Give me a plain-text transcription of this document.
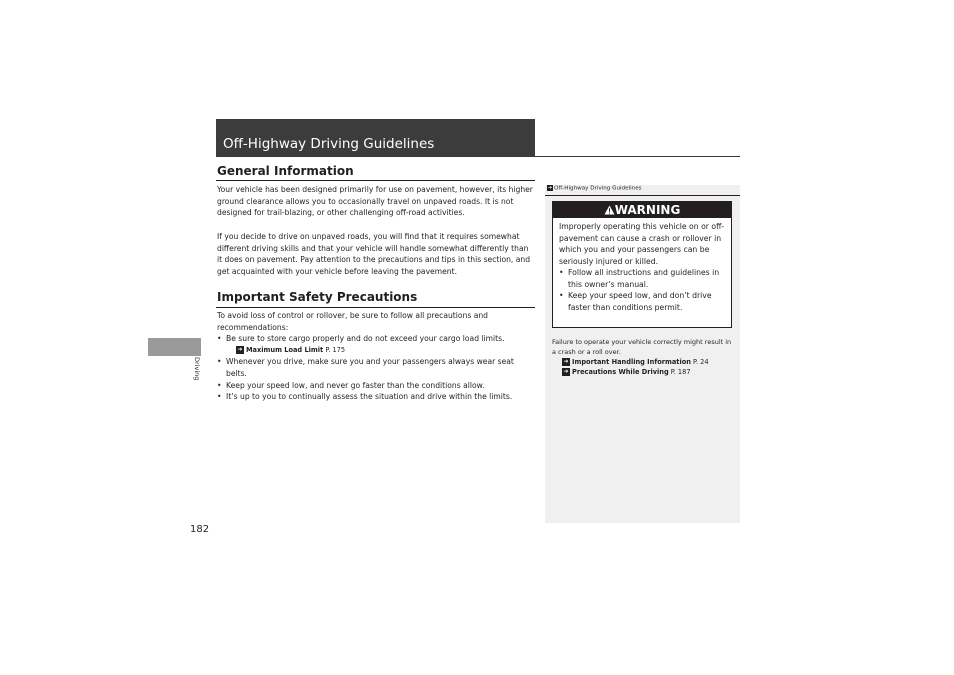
Off-Highway Driving Guidelines
General Information

Your vehicle has been designed primarily for use on pavement, however, its higher ground clearance allows you to occasionally travel on unpaved roads. It is not designed for trail-blazing, or other challenging off-road activities.

If you decide to drive on unpaved roads, you will find that it requires somewhat different driving skills and that your vehicle will handle somewhat differently than it does on pavement. Pay attention to the precautions and tips in this section, and get acquainted with your vehicle before leaving the pavement.

Important Safety Precautions
To avoid loss of control or rollover, be sure to follow all precautions and recommendations:
• Be sure to store cargo properly and do not exceed your cargo load limits.
➜ Maximum Load Limit P. 175
• Whenever you drive, make sure you and your passengers always wear seat belts.
• Keep your speed low, and never go faster than the conditions allow.
• It’s up to you to continually assess the situation and drive within the limits.
Driving
182
➜ Off-Highway Driving Guidelines
WARNING
Improperly operating this vehicle on or off-pavement can cause a crash or rollover in which you and your passengers can be seriously injured or killed.
• Follow all instructions and guidelines in this owner’s manual.
• Keep your speed low, and don’t drive faster than conditions permit.
Failure to operate your vehicle correctly might result in a crash or a roll over.
➜ Important Handling Information P. 24
➜ Precautions While Driving P. 187
